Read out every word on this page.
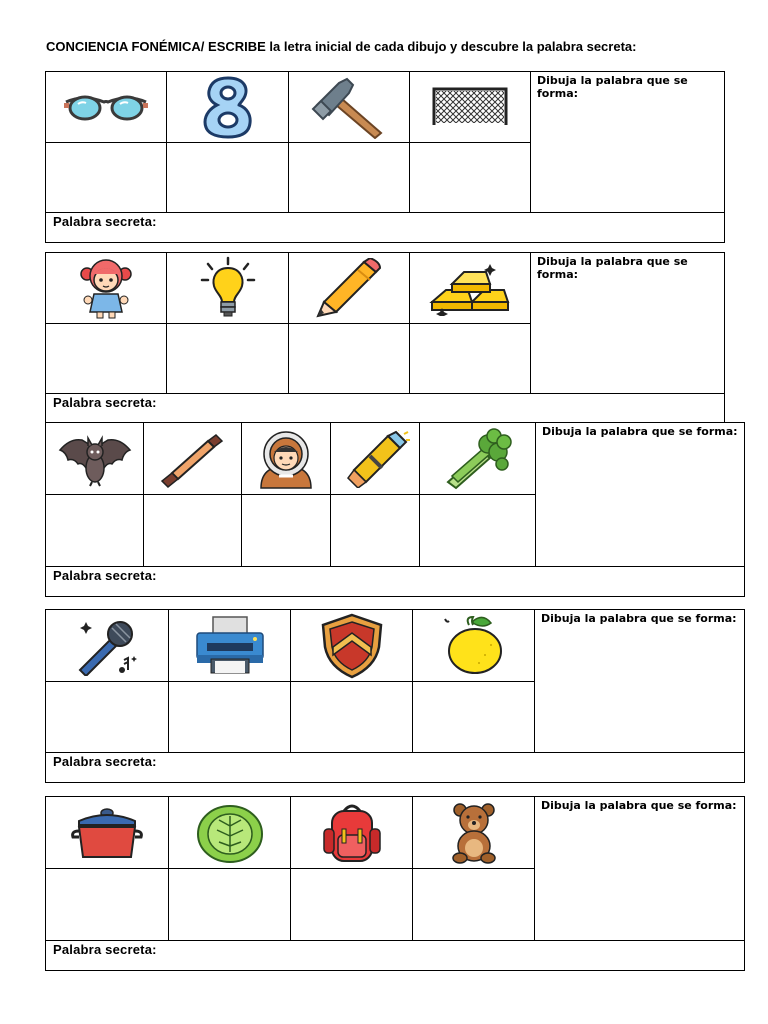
CONCIENCIA FONÉMICA/ ESCRIBE la letra inicial de cada dibujo y descubre la palabra secreta:
Dibuja la palabra que se forma:
Palabra secreta:
Dibuja la palabra que se forma:
Palabra secreta:
Dibuja la palabra que se forma:
Palabra secreta:
Dibuja la palabra que se forma:
Palabra secreta:
Dibuja la palabra que se forma:
Palabra secreta:
